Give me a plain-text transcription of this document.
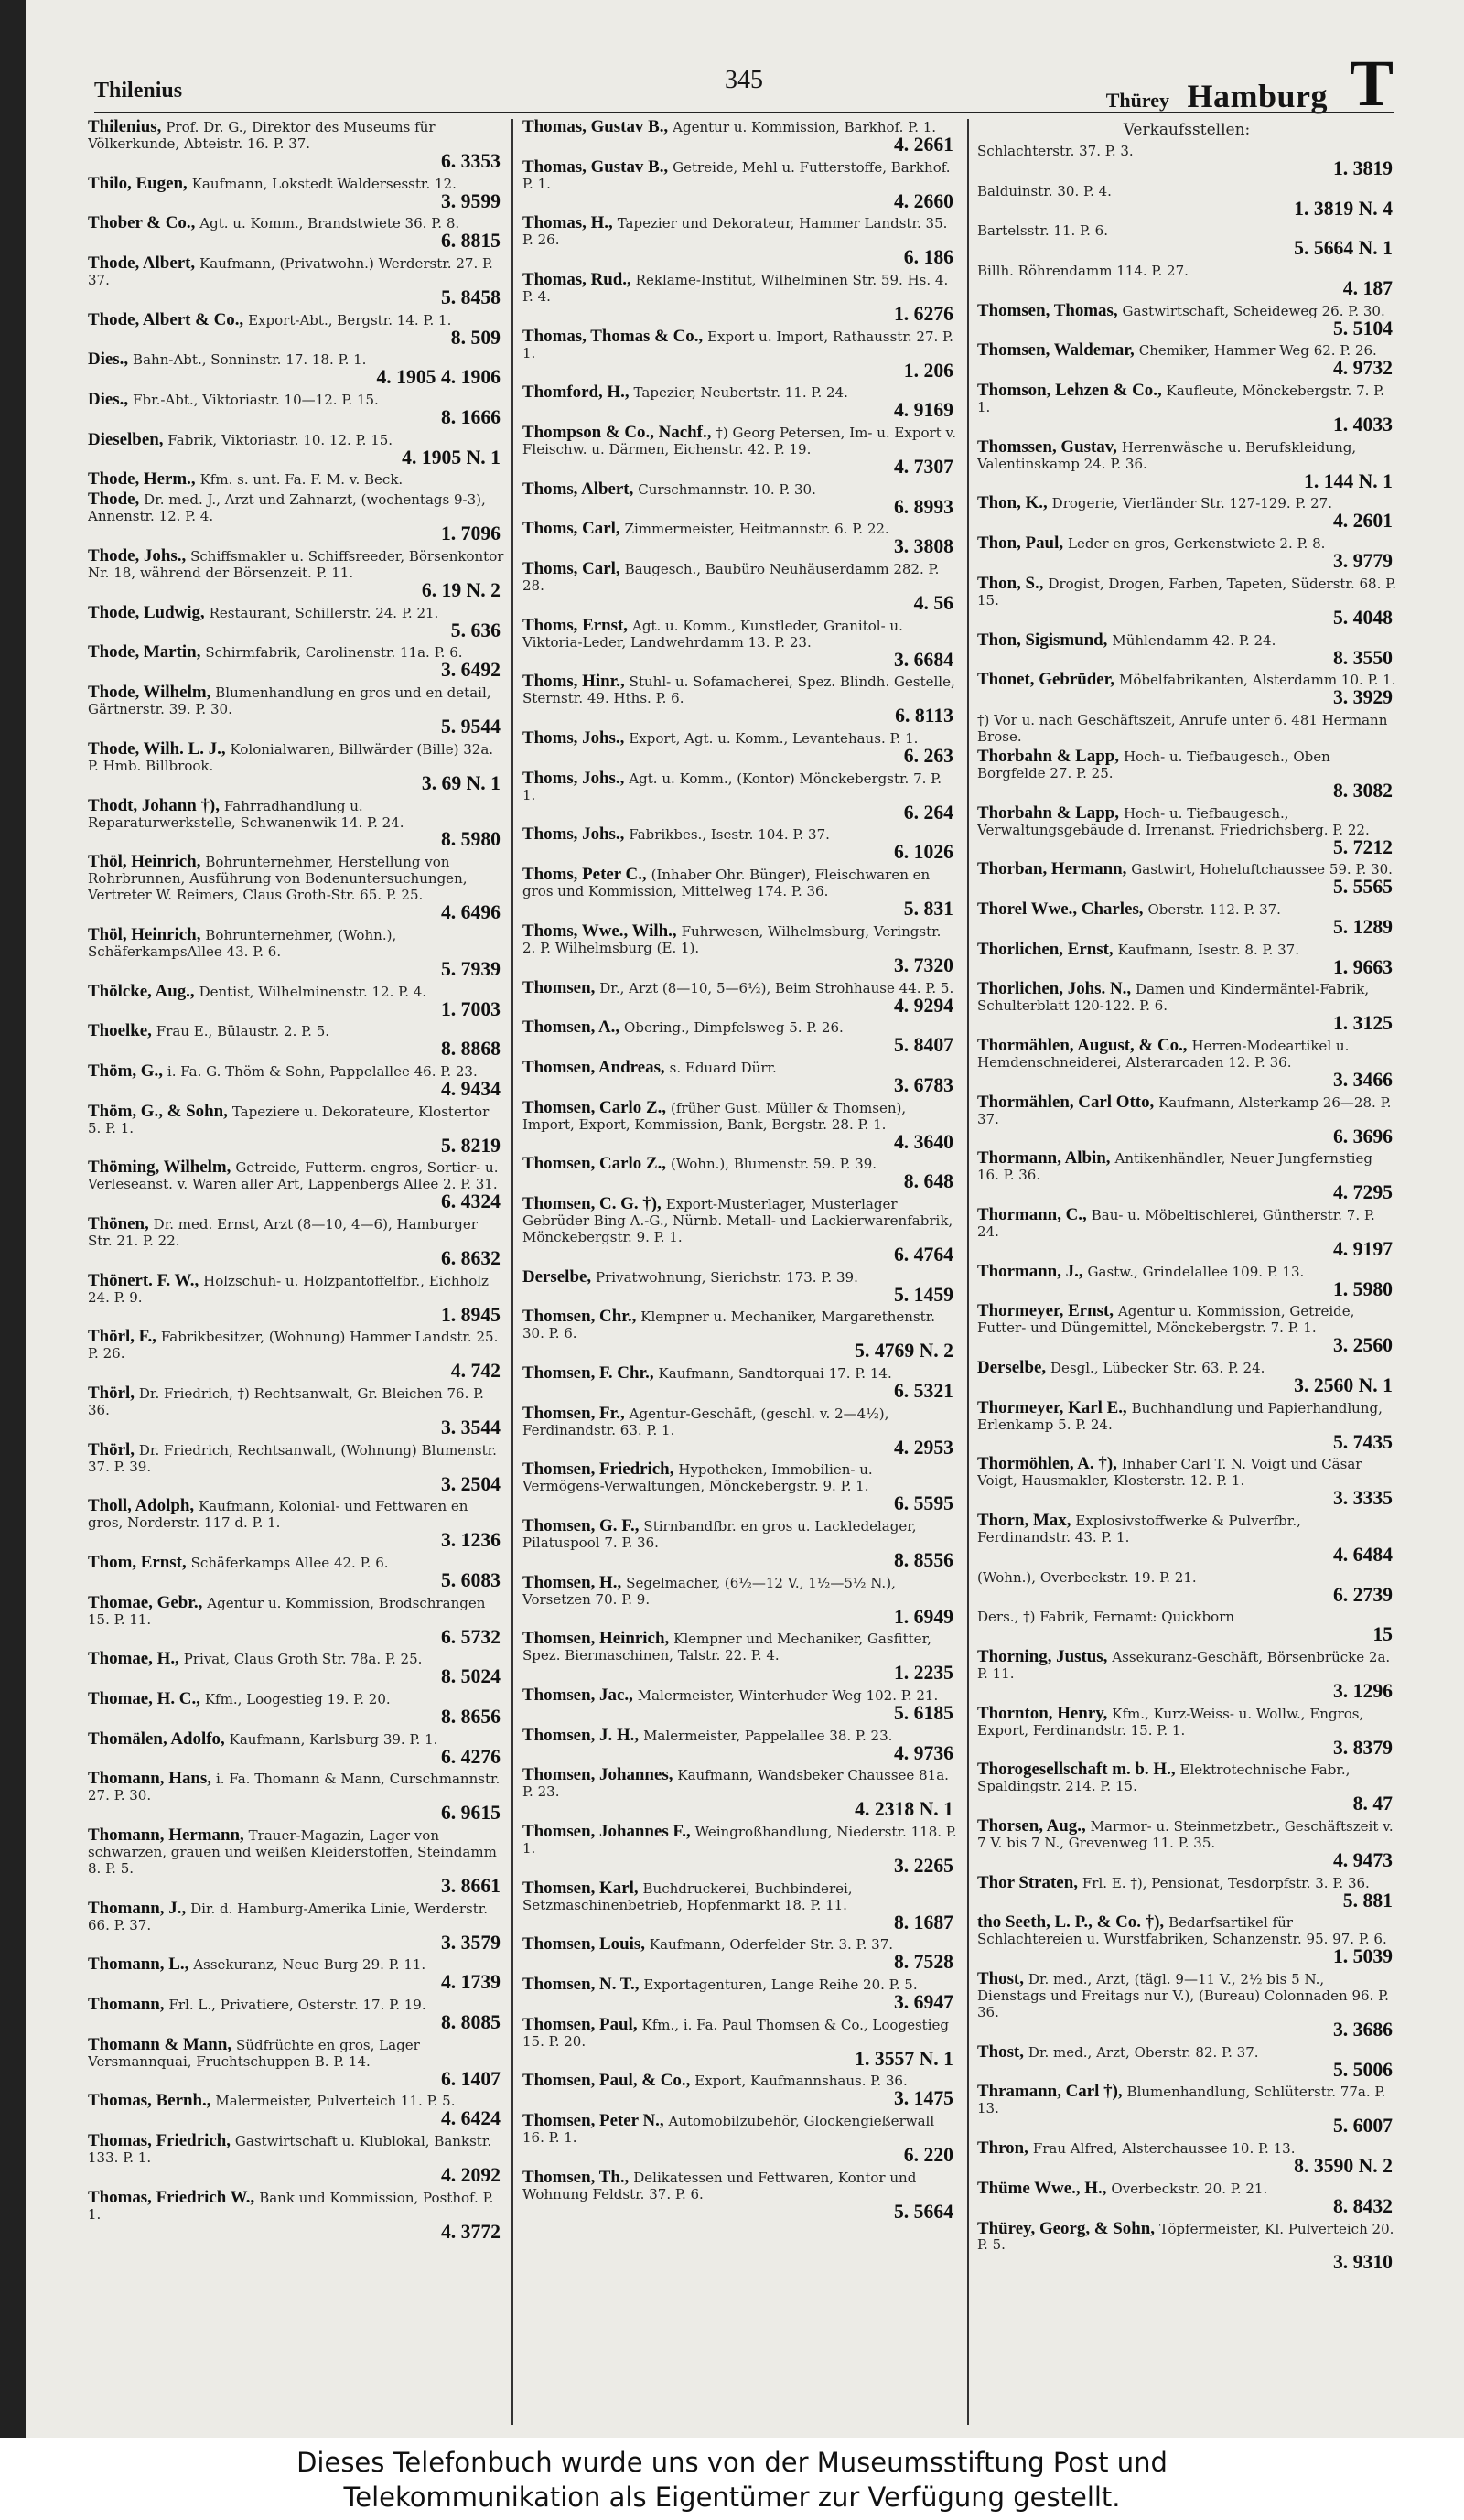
Thilenius	345
Thürey Hamburg T
Thilenius, Prof. Dr. G., Direktor des Museums für Völkerkunde, Abteistr. 16. P. 37.
6. 3353
Thilo, Eugen, Kaufmann, Lokstedt Waldersesstr. 12.
3. 9599
Thober & Co., Agt. u. Komm., Brandstwiete 36. P. 8.
6. 8815
Thode, Albert, Kaufmann, (Privatwohn.) Werderstr. 27. P. 37.
5. 8458
Thode, Albert & Co., Export-Abt., Bergstr. 14. P. 1.
8. 509
Dies., Bahn-Abt., Sonninstr. 17. 18. P. 1.
4. 1905 4. 1906
Dies., Fbr.-Abt., Viktoriastr. 10—12. P. 15.
8. 1666
Dieselben, Fabrik, Viktoriastr. 10. 12. P. 15.
4. 1905 N. 1
Thode, Herm., Kfm. s. unt. Fa. F. M. v. Beck.
Thode, Dr. med. J., Arzt und Zahnarzt, (wochentags 9-3), Annenstr. 12. P. 4.
1. 7096
Thode, Johs., Schiffsmakler u. Schiffsreeder, Börsenkontor Nr. 18, während der Börsenzeit. P. 11.
6. 19 N. 2
Thode, Ludwig, Restaurant, Schillerstr. 24. P. 21.
5. 636
Thode, Martin, Schirmfabrik, Carolinenstr. 11a. P. 6.
3. 6492
Thode, Wilhelm, Blumenhandlung en gros und en detail, Gärtnerstr. 39. P. 30.
5. 9544
Thode, Wilh. L. J., Kolonialwaren, Billwärder (Bille) 32a. P. Hmb. Billbrook.
3. 69 N. 1
Thodt, Johann †), Fahrradhandlung u. Reparaturwerkstelle, Schwanenwik 14. P. 24.
8. 5980
Thöl, Heinrich, Bohrunternehmer, Herstellung von Rohrbrunnen, Ausführung von Bodenuntersuchungen, Vertreter W. Reimers, Claus Groth-Str. 65. P. 25.
4. 6496
Thöl, Heinrich, Bohrunternehmer, (Wohn.), SchäferkampsAllee 43. P. 6.
5. 7939
Thölcke, Aug., Dentist, Wilhelminenstr. 12. P. 4.
1. 7003
Thoelke, Frau E., Bülaustr. 2. P. 5.
8. 8868
Thöm, G., i. Fa. G. Thöm & Sohn, Pappelallee 46. P. 23.
4. 9434
Thöm, G., & Sohn, Tapeziere u. Dekorateure, Klostertor 5. P. 1.
5. 8219
Thöming, Wilhelm, Getreide, Futterm. engros, Sortier- u. Verleseanst. v. Waren aller Art, Lappenbergs Allee 2. P. 31.
6. 4324
Thönen, Dr. med. Ernst, Arzt (8—10, 4—6), Hamburger Str. 21. P. 22.
6. 8632
Thönert. F. W., Holzschuh- u. Holzpantoffelfbr., Eichholz 24. P. 9.
1. 8945
Thörl, F., Fabrikbesitzer, (Wohnung) Hammer Landstr. 25. P. 26.
4. 742
Thörl, Dr. Friedrich, †) Rechtsanwalt, Gr. Bleichen 76. P. 36.
3. 3544
Thörl, Dr. Friedrich, Rechtsanwalt, (Wohnung) Blumenstr. 37. P. 39.
3. 2504
Tholl, Adolph, Kaufmann, Kolonial- und Fettwaren en gros, Norderstr. 117 d. P. 1.
3. 1236
Thom, Ernst, Schäferkamps Allee 42. P. 6.
5. 6083
Thomae, Gebr., Agentur u. Kommission, Brodschrangen 15. P. 11.
6. 5732
Thomae, H., Privat, Claus Groth Str. 78a. P. 25.
8. 5024
Thomae, H. C., Kfm., Loogestieg 19. P. 20.
8. 8656
Thomälen, Adolfo, Kaufmann, Karlsburg 39. P. 1.
6. 4276
Thomann, Hans, i. Fa. Thomann & Mann, Curschmannstr. 27. P. 30.
6. 9615
Thomann, Hermann, Trauer-Magazin, Lager von schwarzen, grauen und weißen Kleiderstoffen, Steindamm 8. P. 5.
3. 8661
Thomann, J., Dir. d. Hamburg-Amerika Linie, Werderstr. 66. P. 37.
3. 3579
Thomann, L., Assekuranz, Neue Burg 29. P. 11.
4. 1739
Thomann, Frl. L., Privatiere, Osterstr. 17. P. 19.
8. 8085
Thomann & Mann, Südfrüchte en gros, Lager Versmannquai, Fruchtschuppen B. P. 14.
6. 1407
Thomas, Bernh., Malermeister, Pulverteich 11. P. 5.
4. 6424
Thomas, Friedrich, Gastwirtschaft u. Klublokal, Bankstr. 133. P. 1.
4. 2092
Thomas, Friedrich W., Bank und Kommission, Posthof. P. 1.
4. 3772
Thomas, Gustav B., Agentur u. Kommission, Barkhof. P. 1.
4. 2661
Thomas, Gustav B., Getreide, Mehl u. Futterstoffe, Barkhof. P. 1.
4. 2660
Thomas, H., Tapezier und Dekorateur, Hammer Landstr. 35. P. 26.
6. 186
Thomas, Rud., Reklame-Institut, Wilhelminen Str. 59. Hs. 4. P. 4.
1. 6276
Thomas, Thomas & Co., Export u. Import, Rathausstr. 27. P. 1.
1. 206
Thomford, H., Tapezier, Neubertstr. 11. P. 24.
4. 9169
Thompson & Co., Nachf., †) Georg Petersen, Im- u. Export v. Fleischw. u. Därmen, Eichenstr. 42. P. 19.
4. 7307
Thoms, Albert, Curschmannstr. 10. P. 30.
6. 8993
Thoms, Carl, Zimmermeister, Heitmannstr. 6. P. 22.
3. 3808
Thoms, Carl, Baugesch., Baubüro Neuhäuserdamm 282. P. 28.
4. 56
Thoms, Ernst, Agt. u. Komm., Kunstleder, Granitol- u. Viktoria-Leder, Landwehrdamm 13. P. 23.
3. 6684
Thoms, Hinr., Stuhl- u. Sofamacherei, Spez. Blindh. Gestelle, Sternstr. 49. Hths. P. 6.
6. 8113
Thoms, Johs., Export, Agt. u. Komm., Levantehaus. P. 1.
6. 263
Thoms, Johs., Agt. u. Komm., (Kontor) Mönckebergstr. 7. P. 1.
6. 264
Thoms, Johs., Fabrikbes., Isestr. 104. P. 37.
6. 1026
Thoms, Peter C., (Inhaber Ohr. Bünger), Fleischwaren en gros und Kommission, Mittelweg 174. P. 36.
5. 831
Thoms, Wwe., Wilh., Fuhrwesen, Wilhelmsburg, Veringstr. 2. P. Wilhelmsburg (E. 1).
3. 7320
Thomsen, Dr., Arzt (8—10, 5—6½), Beim Strohhause 44. P. 5.
4. 9294
Thomsen, A., Obering., Dimpfelsweg 5. P. 26.
5. 8407
Thomsen, Andreas, s. Eduard Dürr.
3. 6783
Thomsen, Carlo Z., (früher Gust. Müller & Thomsen), Import, Export, Kommission, Bank, Bergstr. 28. P. 1.
4. 3640
Thomsen, Carlo Z., (Wohn.), Blumenstr. 59. P. 39.
8. 648
Thomsen, C. G. †), Export-Musterlager, Musterlager Gebrüder Bing A.-G., Nürnb. Metall- und Lackierwarenfabrik, Mönckebergstr. 9. P. 1.
6. 4764
Derselbe, Privatwohnung, Sierichstr. 173. P. 39.
5. 1459
Thomsen, Chr., Klempner u. Mechaniker, Margarethenstr. 30. P. 6.
5. 4769 N. 2
Thomsen, F. Chr., Kaufmann, Sandtorquai 17. P. 14.
6. 5321
Thomsen, Fr., Agentur-Geschäft, (geschl. v. 2—4½), Ferdinandstr. 63. P. 1.
4. 2953
Thomsen, Friedrich, Hypotheken, Immobilien- u. Vermögens-Verwaltungen, Mönckebergstr. 9. P. 1.
6. 5595
Thomsen, G. F., Stirnbandfbr. en gros u. Lackledelager, Pilatuspool 7. P. 36.
8. 8556
Thomsen, H., Segelmacher, (6½—12 V., 1½—5½ N.), Vorsetzen 70. P. 9.
1. 6949
Thomsen, Heinrich, Klempner und Mechaniker, Gasfitter, Spez. Biermaschinen, Talstr. 22. P. 4.
1. 2235
Thomsen, Jac., Malermeister, Winterhuder Weg 102. P. 21.
5. 6185
Thomsen, J. H., Malermeister, Pappelallee 38. P. 23.
4. 9736
Thomsen, Johannes, Kaufmann, Wandsbeker Chaussee 81a. P. 23.
4. 2318 N. 1
Thomsen, Johannes F., Weingroßhandlung, Niederstr. 118. P. 1.
3. 2265
Thomsen, Karl, Buchdruckerei, Buchbinderei, Setzmaschinenbetrieb, Hopfenmarkt 18. P. 11.
8. 1687
Thomsen, Louis, Kaufmann, Oderfelder Str. 3. P. 37.
8. 7528
Thomsen, N. T., Exportagenturen, Lange Reihe 20. P. 5.
3. 6947
Thomsen, Paul, Kfm., i. Fa. Paul Thomsen & Co., Loogestieg 15. P. 20.
1. 3557 N. 1
Thomsen, Paul, & Co., Export, Kaufmannshaus. P. 36.
3. 1475
Thomsen, Peter N., Automobilzubehör, Glockengießerwall 16. P. 1.
6. 220
Thomsen, Th., Delikatessen und Fettwaren, Kontor und Wohnung Feldstr. 37. P. 6.
5. 5664
Verkaufsstellen:
Schlachterstr. 37. P. 3.
1. 3819
Balduinstr. 30. P. 4.
1. 3819 N. 4
Bartelsstr. 11. P. 6.
5. 5664 N. 1
Billh. Röhrendamm 114. P. 27.
4. 187
Thomsen, Thomas, Gastwirtschaft, Scheideweg 26. P. 30.
5. 5104
Thomsen, Waldemar, Chemiker, Hammer Weg 62. P. 26.
4. 9732
Thomson, Lehzen & Co., Kaufleute, Mönckebergstr. 7. P. 1.
1. 4033
Thomssen, Gustav, Herrenwäsche u. Berufskleidung, Valentinskamp 24. P. 36.
1. 144 N. 1
Thon, K., Drogerie, Vierländer Str. 127-129. P. 27.
4. 2601
Thon, Paul, Leder en gros, Gerkenstwiete 2. P. 8.
3. 9779
Thon, S., Drogist, Drogen, Farben, Tapeten, Süderstr. 68. P. 15.
5. 4048
Thon, Sigismund, Mühlendamm 42. P. 24.
8. 3550
Thonet, Gebrüder, Möbelfabrikanten, Alsterdamm 10. P. 1.
3. 3929
†) Vor u. nach Geschäftszeit, Anrufe unter 6. 481 Hermann Brose.
Thorbahn & Lapp, Hoch- u. Tiefbaugesch., Oben Borgfelde 27. P. 25.
8. 3082
Thorbahn & Lapp, Hoch- u. Tiefbaugesch., Verwaltungsgebäude d. Irrenanst. Friedrichsberg. P. 22.
5. 7212
Thorban, Hermann, Gastwirt, Hoheluftchaussee 59. P. 30.
5. 5565
Thorel Wwe., Charles, Oberstr. 112. P. 37.
5. 1289
Thorlichen, Ernst, Kaufmann, Isestr. 8. P. 37.
1. 9663
Thorlichen, Johs. N., Damen und Kindermäntel-Fabrik, Schulterblatt 120-122. P. 6.
1. 3125
Thormählen, August, & Co., Herren-Modeartikel u. Hemdenschneiderei, Alsterarcaden 12. P. 36.
3. 3466
Thormählen, Carl Otto, Kaufmann, Alsterkamp 26—28. P. 37.
6. 3696
Thormann, Albin, Antikenhändler, Neuer Jungfernstieg 16. P. 36.
4. 7295
Thormann, C., Bau- u. Möbeltischlerei, Güntherstr. 7. P. 24.
4. 9197
Thormann, J., Gastw., Grindelallee 109. P. 13.
1. 5980
Thormeyer, Ernst, Agentur u. Kommission, Getreide, Futter- und Düngemittel, Mönckebergstr. 7. P. 1.
3. 2560
Derselbe, Desgl., Lübecker Str. 63. P. 24.
3. 2560 N. 1
Thormeyer, Karl E., Buchhandlung und Papierhandlung, Erlenkamp 5. P. 24.
5. 7435
Thormöhlen, A. †), Inhaber Carl T. N. Voigt und Cäsar Voigt, Hausmakler, Klosterstr. 12. P. 1.
3. 3335
Thorn, Max, Explosivstoffwerke & Pulverfbr., Ferdinandstr. 43. P. 1.
4. 6484
(Wohn.), Overbeckstr. 19. P. 21.
6. 2739
Ders., †) Fabrik, Fernamt: Quickborn
15
Thorning, Justus, Assekuranz-Geschäft, Börsenbrücke 2a. P. 11.
3. 1296
Thornton, Henry, Kfm., Kurz-Weiss- u. Wollw., Engros, Export, Ferdinandstr. 15. P. 1.
3. 8379
Thorogesellschaft m. b. H., Elektrotechnische Fabr., Spaldingstr. 214. P. 15.
8. 47
Thorsen, Aug., Marmor- u. Steinmetzbetr., Geschäftszeit v. 7 V. bis 7 N., Grevenweg 11. P. 35.
4. 9473
Thor Straten, Frl. E. †), Pensionat, Tesdorpfstr. 3. P. 36.
5. 881
tho Seeth, L. P., & Co. †), Bedarfsartikel für Schlachtereien u. Wurstfabriken, Schanzenstr. 95. 97. P. 6.
1. 5039
Thost, Dr. med., Arzt, (tägl. 9—11 V., 2½ bis 5 N., Dienstags und Freitags nur V.), (Bureau) Colonnaden 96. P. 36.
3. 3686
Thost, Dr. med., Arzt, Oberstr. 82. P. 37.
5. 5006
Thramann, Carl †), Blumenhandlung, Schlüterstr. 77a. P. 13.
5. 6007
Thron, Frau Alfred, Alsterchaussee 10. P. 13.
8. 3590 N. 2
Thüme Wwe., H., Overbeckstr. 20. P. 21.
8. 8432
Thürey, Georg, & Sohn, Töpfermeister, Kl. Pulverteich 20. P. 5.
3. 9310
Dieses Telefonbuch wurde uns von der Museumsstiftung Post und
Telekommunikation als Eigentümer zur Verfügung gestellt.
